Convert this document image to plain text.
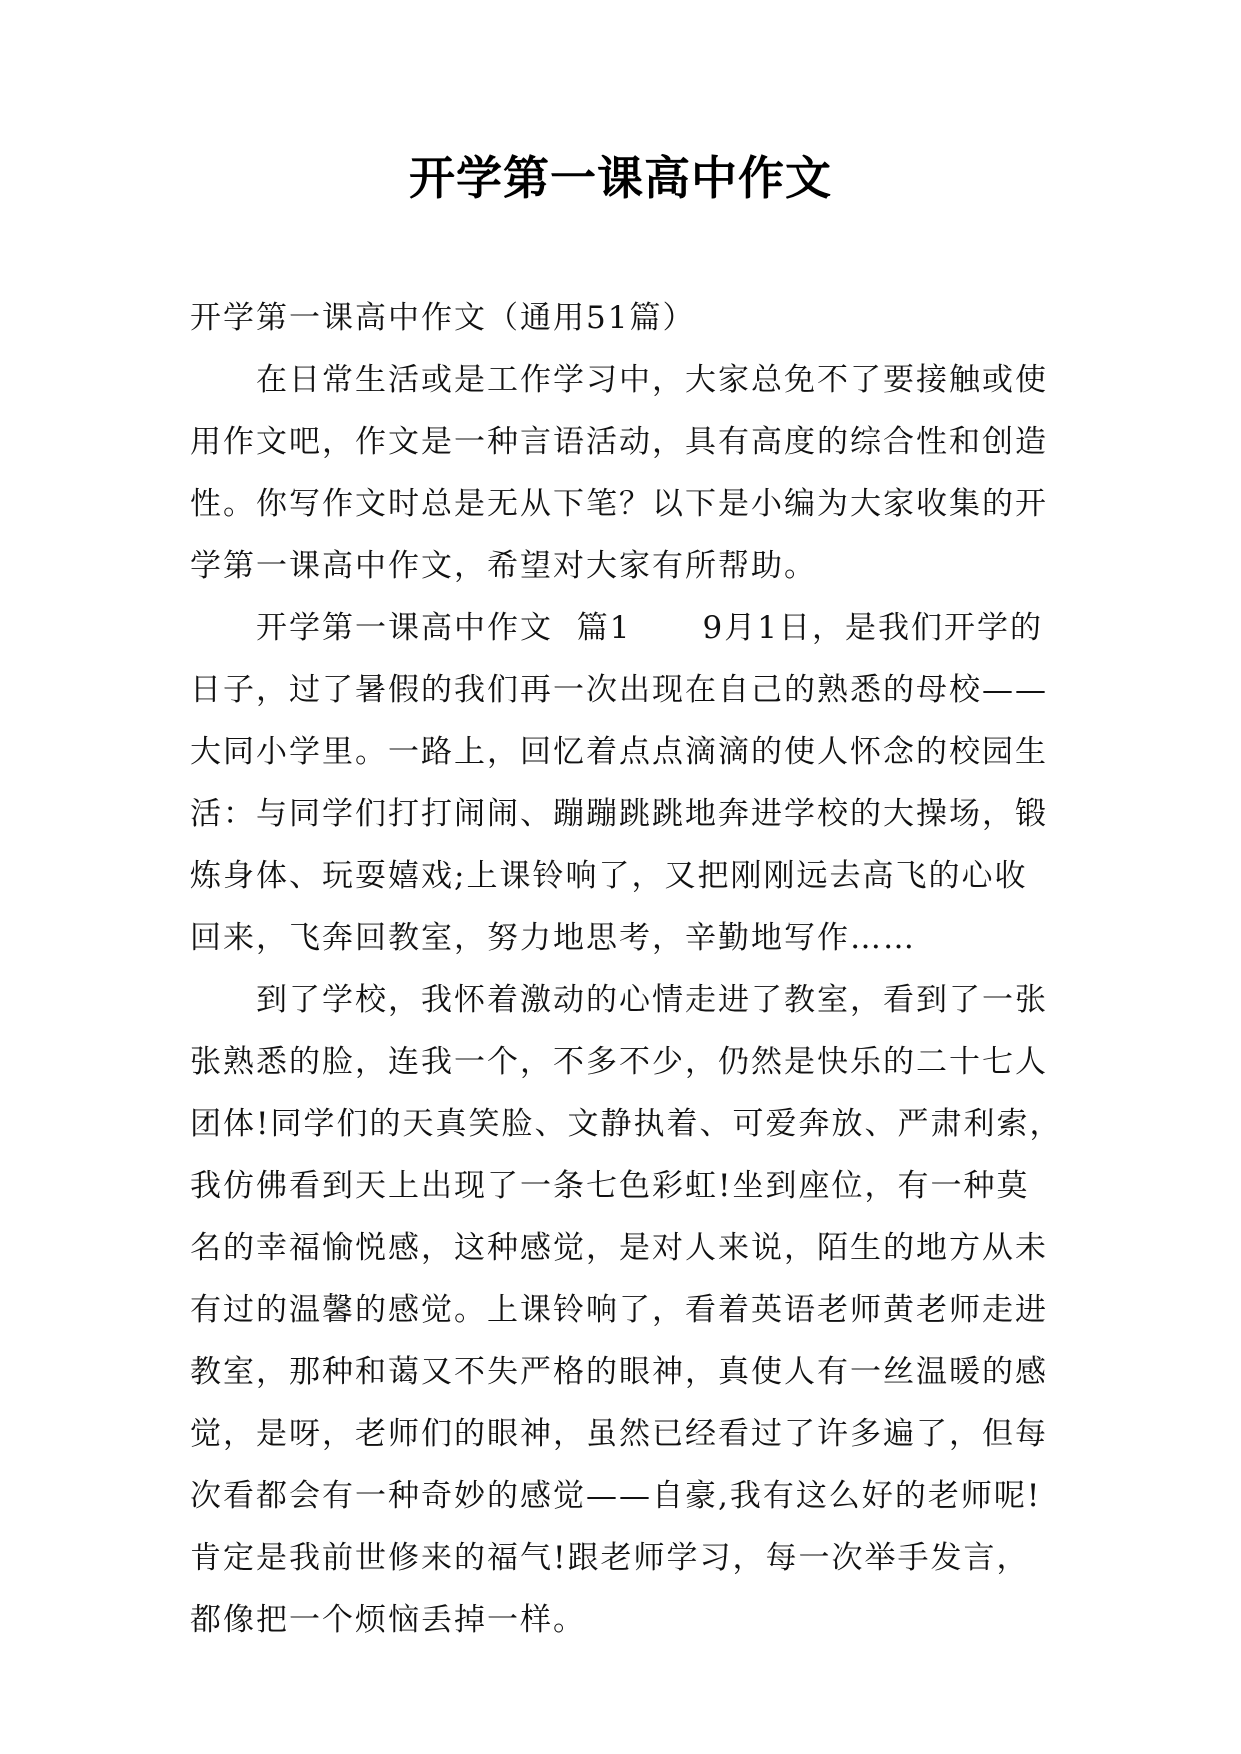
开学第一课高中作文
开学第一课高中作文（通用51篇）
在日常生活或是工作学习中，大家总免不了要接触或使
用作文吧，作文是一种言语活动，具有高度的综合性和创造
性。你写作文时总是无从下笔？以下是小编为大家收集的开
学第一课高中作文，希望对大家有所帮助。
开学第一课高中作文  篇1      9月1日，是我们开学的
日子，过了暑假的我们再一次出现在自己的熟悉的母校——
大同小学里。一路上，回忆着点点滴滴的使人怀念的校园生
活：与同学们打打闹闹、蹦蹦跳跳地奔进学校的大操场，锻
炼身体、玩耍嬉戏;上课铃响了，又把刚刚远去高飞的心收
回来，飞奔回教室，努力地思考，辛勤地写作……
到了学校，我怀着激动的心情走进了教室，看到了一张
张熟悉的脸，连我一个，不多不少，仍然是快乐的二十七人
团体!同学们的天真笑脸、文静执着、可爱奔放、严肃利索，
我仿佛看到天上出现了一条七色彩虹!坐到座位，有一种莫
名的幸福愉悦感，这种感觉，是对人来说，陌生的地方从未
有过的温馨的感觉。上课铃响了，看着英语老师黄老师走进
教室，那种和蔼又不失严格的眼神，真使人有一丝温暖的感
觉，是呀，老师们的眼神，虽然已经看过了许多遍了，但每
次看都会有一种奇妙的感觉——自豪,我有这么好的老师呢!
肯定是我前世修来的福气!跟老师学习，每一次举手发言，
都像把一个烦恼丢掉一样。
